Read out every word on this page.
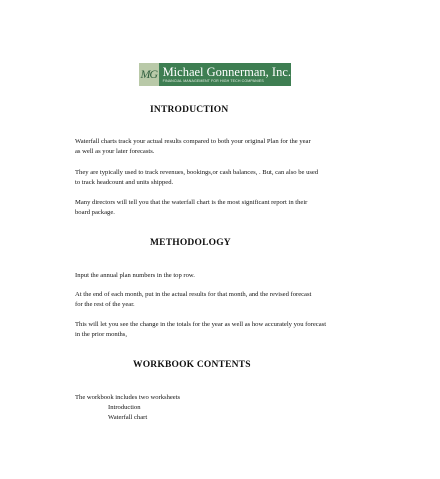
MG Michael Gonnerman, Inc.
FINANCIAL MANAGEMENT FOR HIGH TECH COMPANIES
INTRODUCTION
Waterfall charts track your actual results compared to both your original Plan for the year
as well as your later forecasts.
They are typically used to track revenues, bookings,or cash balances, . But, can also be used
to track headcount and units shipped.
Many directors will tell you that the waterfall chart is the most significant report in their
board package.
METHODOLOGY
Input the annual plan numbers in the top row.
At the end of each month, put in the actual results for that month, and the revised forecast
for the rest of the year.
This will let you see the change in the totals for the year as well as how accurately you forecast
in the prior months,
WORKBOOK CONTENTS
The workbook includes two worksheets
Introduction
Waterfall chart
